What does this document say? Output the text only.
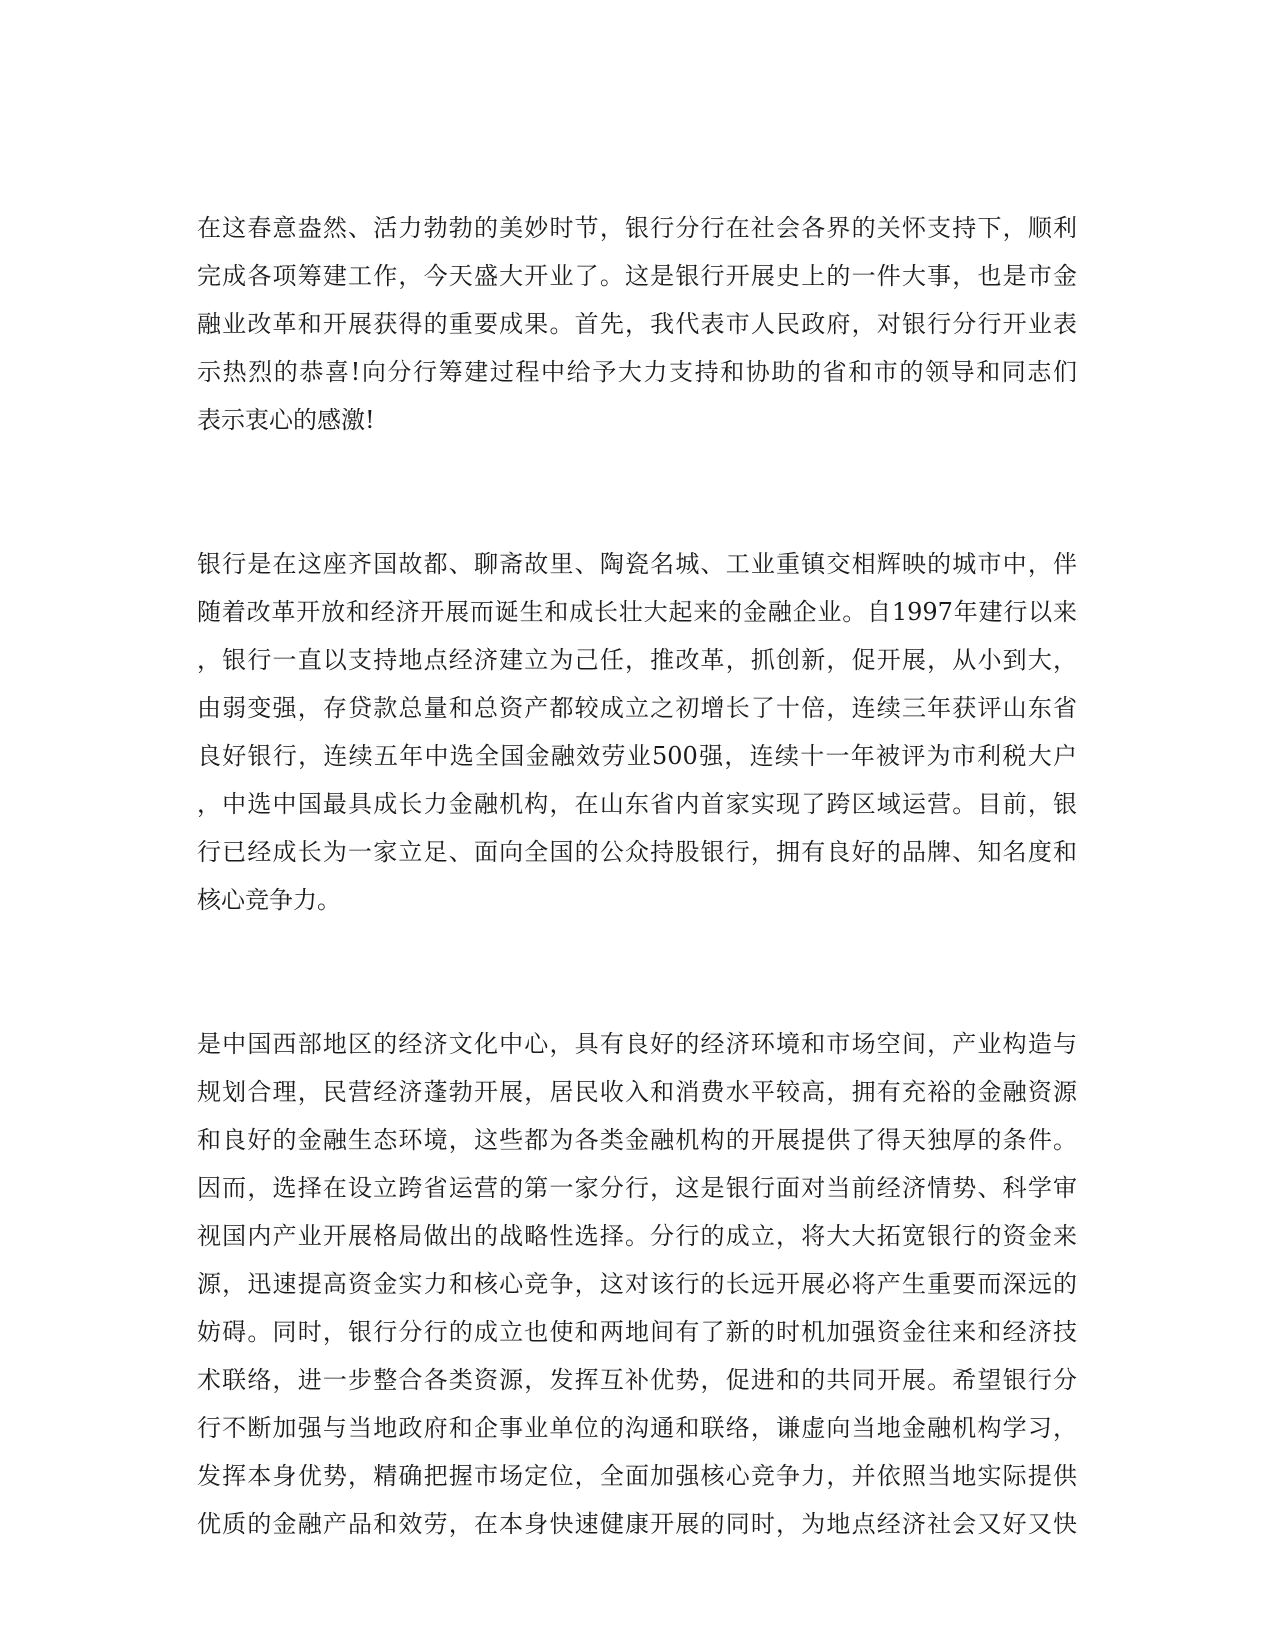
在这春意盎然、活力勃勃的美妙时节，银行分行在社会各界的关怀支持下，顺利
完成各项筹建工作，今天盛大开业了。这是银行开展史上的一件大事，也是市金
融业改革和开展获得的重要成果。首先，我代表市人民政府，对银行分行开业表
示热烈的恭喜!向分行筹建过程中给予大力支持和协助的省和市的领导和同志们
表示衷心的感激!
银行是在这座齐国故都、聊斋故里、陶瓷名城、工业重镇交相辉映的城市中，伴
随着改革开放和经济开展而诞生和成长壮大起来的金融企业。自1997年建行以来
，银行一直以支持地点经济建立为己任，推改革，抓创新，促开展，从小到大，
由弱变强，存贷款总量和总资产都较成立之初增长了十倍，连续三年获评山东省
良好银行，连续五年中选全国金融效劳业500强，连续十一年被评为市利税大户
，中选中国最具成长力金融机构，在山东省内首家实现了跨区域运营。目前，银
行已经成长为一家立足、面向全国的公众持股银行，拥有良好的品牌、知名度和
核心竞争力。
是中国西部地区的经济文化中心，具有良好的经济环境和市场空间，产业构造与
规划合理，民营经济蓬勃开展，居民收入和消费水平较高，拥有充裕的金融资源
和良好的金融生态环境，这些都为各类金融机构的开展提供了得天独厚的条件。
因而，选择在设立跨省运营的第一家分行，这是银行面对当前经济情势、科学审
视国内产业开展格局做出的战略性选择。分行的成立，将大大拓宽银行的资金来
源，迅速提高资金实力和核心竞争，这对该行的长远开展必将产生重要而深远的
妨碍。同时，银行分行的成立也使和两地间有了新的时机加强资金往来和经济技
术联络，进一步整合各类资源，发挥互补优势，促进和的共同开展。希望银行分
行不断加强与当地政府和企事业单位的沟通和联络，谦虚向当地金融机构学习，
发挥本身优势，精确把握市场定位，全面加强核心竞争力，并依照当地实际提供
优质的金融产品和效劳，在本身快速健康开展的同时，为地点经济社会又好又快
